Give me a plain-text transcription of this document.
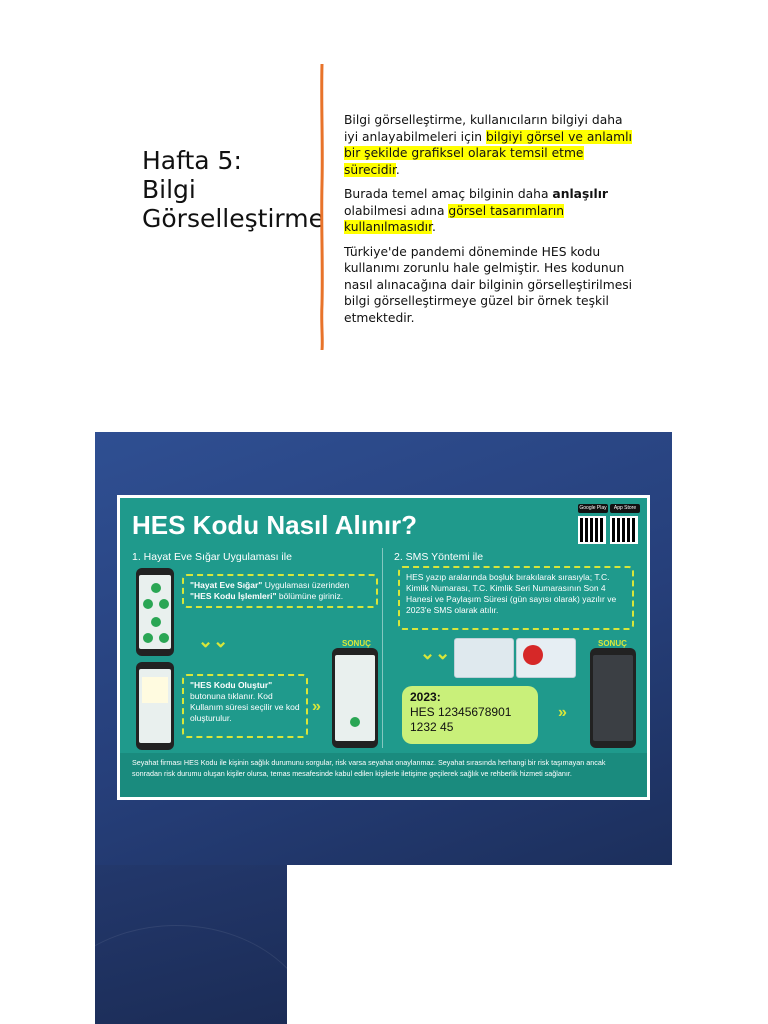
Hafta 5: Bilgi Görselleştirme

Bilgi görselleştirme, kullanıcıların bilgiyi daha iyi anlayabilmeleri için bilgiyi görsel ve anlamlı bir şekilde grafiksel olarak temsil etme sürecidir.

Burada temel amaç bilginin daha anlaşılır olabilmesi adına görsel tasarımların kullanılmasıdır.

Türkiye'de pandemi döneminde HES kodu kullanımı zorunlu hale gelmiştir. Hes kodunun nasıl alınacağına dair bilginin görselleştirilmesi bilgi görselleştirmeye güzel bir örnek teşkil etmektedir.

HES Kodu Nasıl Alınır?
Google Play	App Store
1. Hayat Eve Sığar Uygulaması ile	2. SMS Yöntemi ile
"Hayat Eve Sığar" Uygulaması üzerinden "HES Kodu İşlemleri" bölümüne giriniz.
⌄⌄
"HES Kodu Oluştur" butonuna tıklanır. Kod Kullanım süresi seçilir ve kod oluşturulur.
»
SONUÇ
HES yazıp aralarında boşluk bırakılarak sırasıyla; T.C. Kimlik Numarası, T.C. Kimlik Seri Numarasının Son 4 Hanesi ve Paylaşım Süresi (gün sayısı olarak) yazılır ve 2023'e SMS olarak atılır.
⌄⌄
2023:
HES 12345678901
1232 45
»
SONUÇ
Seyahat firması HES Kodu ile kişinin sağlık durumunu sorgular, risk varsa seyahat onaylanmaz. Seyahat sırasında herhangi bir risk taşımayan ancak sonradan risk durumu oluşan kişiler olursa, temas mesafesinde kabul edilen kişilerle iletişime geçilerek sağlık ve rehberlik hizmeti sağlanır.
